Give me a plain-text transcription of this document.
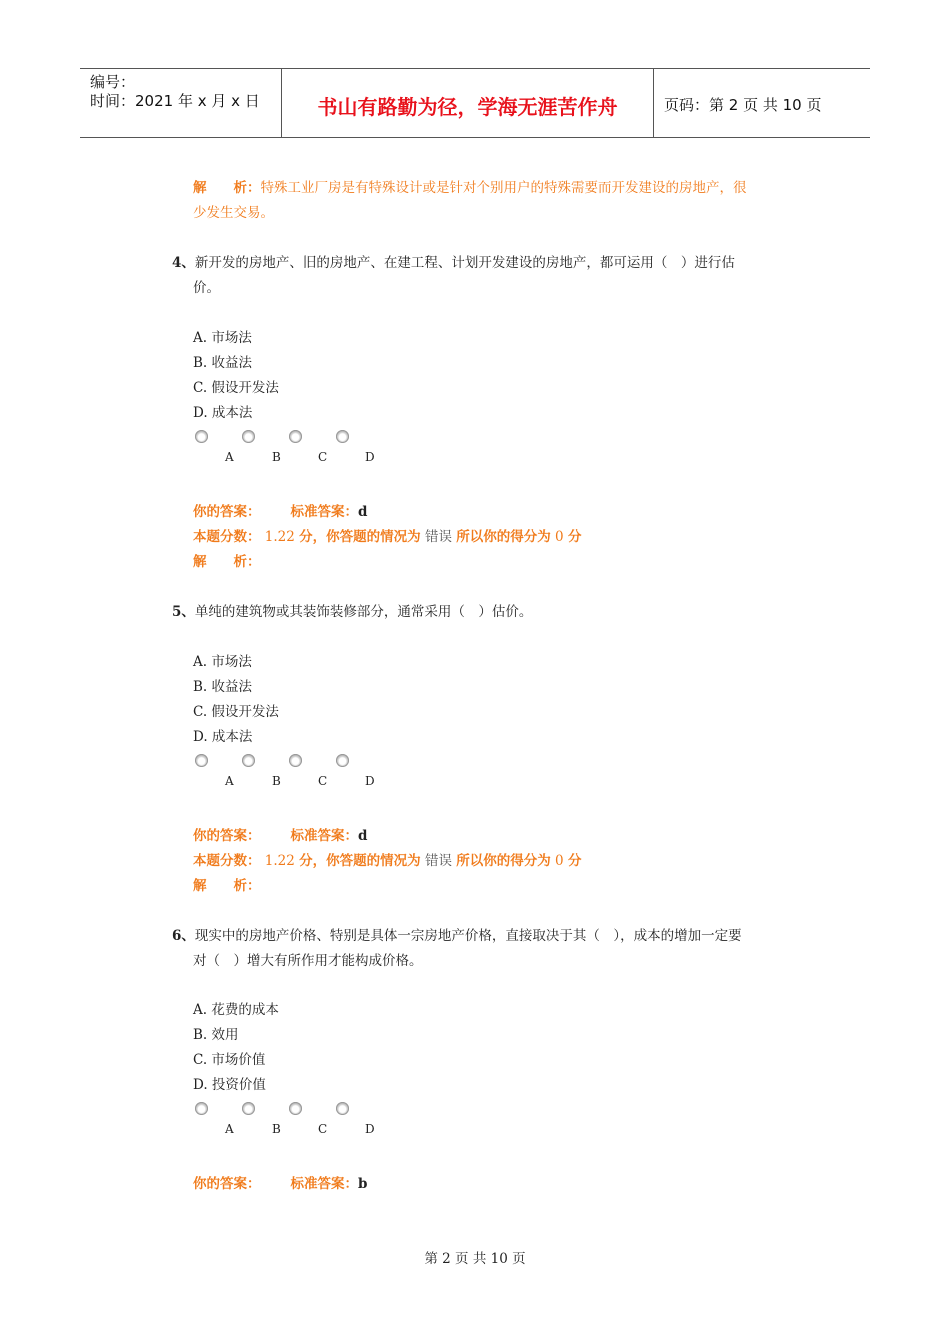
编号：
时间：2021 年 x 月 x 日	书山有路勤为径，学海无涯苦作舟	页码：第 2 页 共 10 页
解　　析：特殊工业厂房是有特殊设计或是针对个别用户的特殊需要而开发建设的房地产，很
少发生交易。
4、新开发的房地产、旧的房地产、在建工程、计划开发建设的房地产，都可运用（　）进行估
价。
A. 市场法
B. 收益法
C. 假设开发法
D. 成本法
A	B	C	D
你的答案： 标准答案：d
本题分数： 1.22 分，你答题的情况为 错误 所以你的得分为 0 分
解　　析：
5、单纯的建筑物或其装饰装修部分，通常采用（　）估价。
A. 市场法
B. 收益法
C. 假设开发法
D. 成本法
A	B	C	D
你的答案： 标准答案：d
本题分数： 1.22 分，你答题的情况为 错误 所以你的得分为 0 分
解　　析：
6、现实中的房地产价格、特别是具体一宗房地产价格，直接取决于其（　），成本的增加一定要
对（　）增大有所作用才能构成价格。
A. 花费的成本
B. 效用
C. 市场价值
D. 投资价值
A	B	C	D
你的答案： 标准答案：b
第 2 页 共 10 页
